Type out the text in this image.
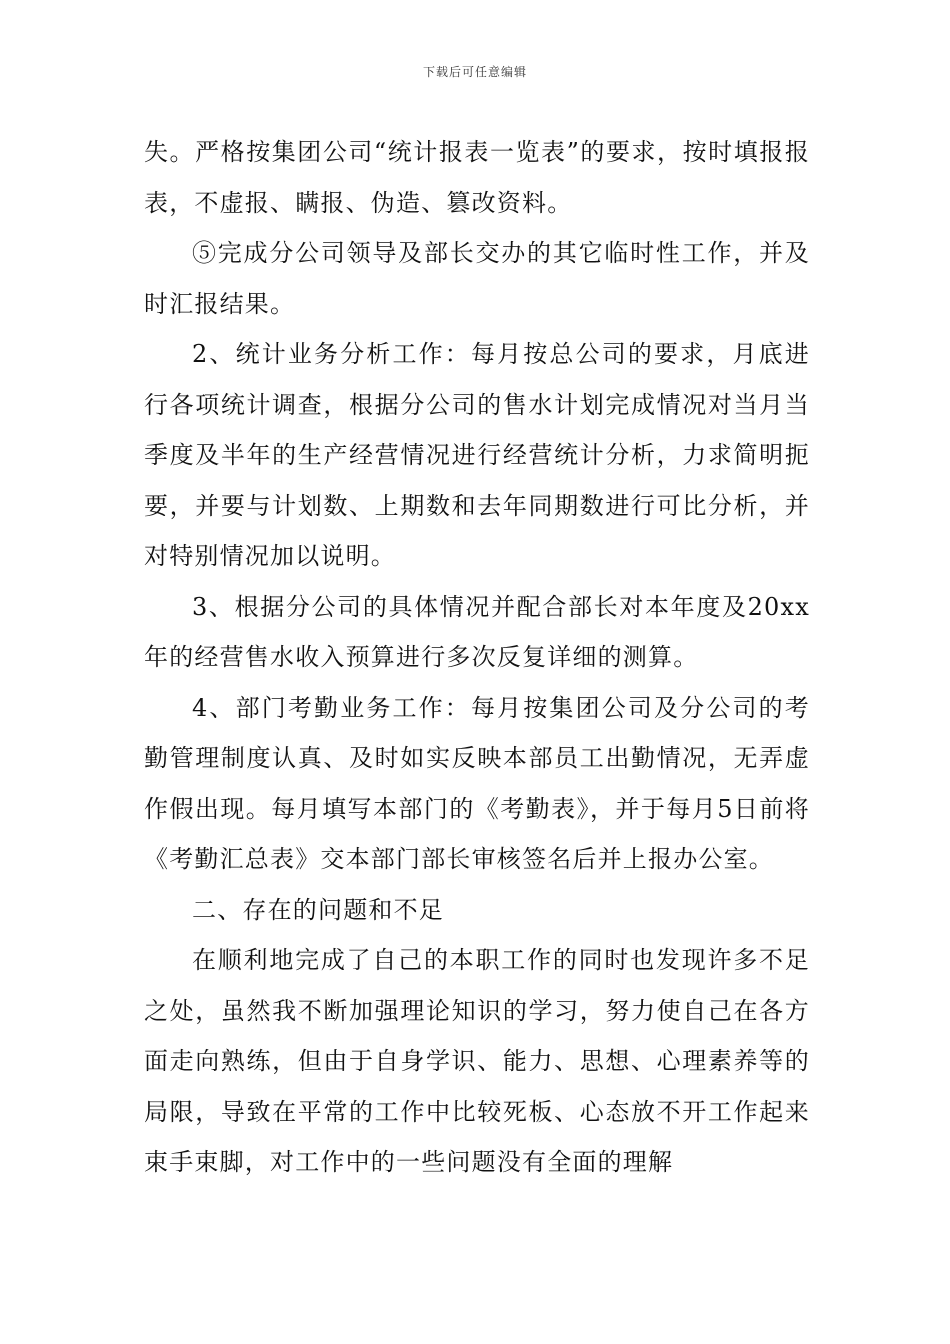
下载后可任意编辑

失。严格按集团公司“统计报表一览表”的要求，按时填报报表，不虚报、瞒报、伪造、篡改资料。

⑤完成分公司领导及部长交办的其它临时性工作，并及时汇报结果。

2、统计业务分析工作：每月按总公司的要求，月底进行各项统计调查，根据分公司的售水计划完成情况对当月当季度及半年的生产经营情况进行经营统计分析，力求简明扼要，并要与计划数、上期数和去年同期数进行可比分析，并对特别情况加以说明。

3、根据分公司的具体情况并配合部长对本年度及20xx年的经营售水收入预算进行多次反复详细的测算。

4、部门考勤业务工作：每月按集团公司及分公司的考勤管理制度认真、及时如实反映本部员工出勤情况，无弄虚作假出现。每月填写本部门的《考勤表》，并于每月5日前将《考勤汇总表》交本部门部长审核签名后并上报办公室。

二、存在的问题和不足

在顺利地完成了自己的本职工作的同时也发现许多不足之处，虽然我不断加强理论知识的学习，努力使自己在各方面走向熟练，但由于自身学识、能力、思想、心理素养等的局限，导致在平常的工作中比较死板、心态放不开工作起来束手束脚，对工作中的一些问题没有全面的理解
